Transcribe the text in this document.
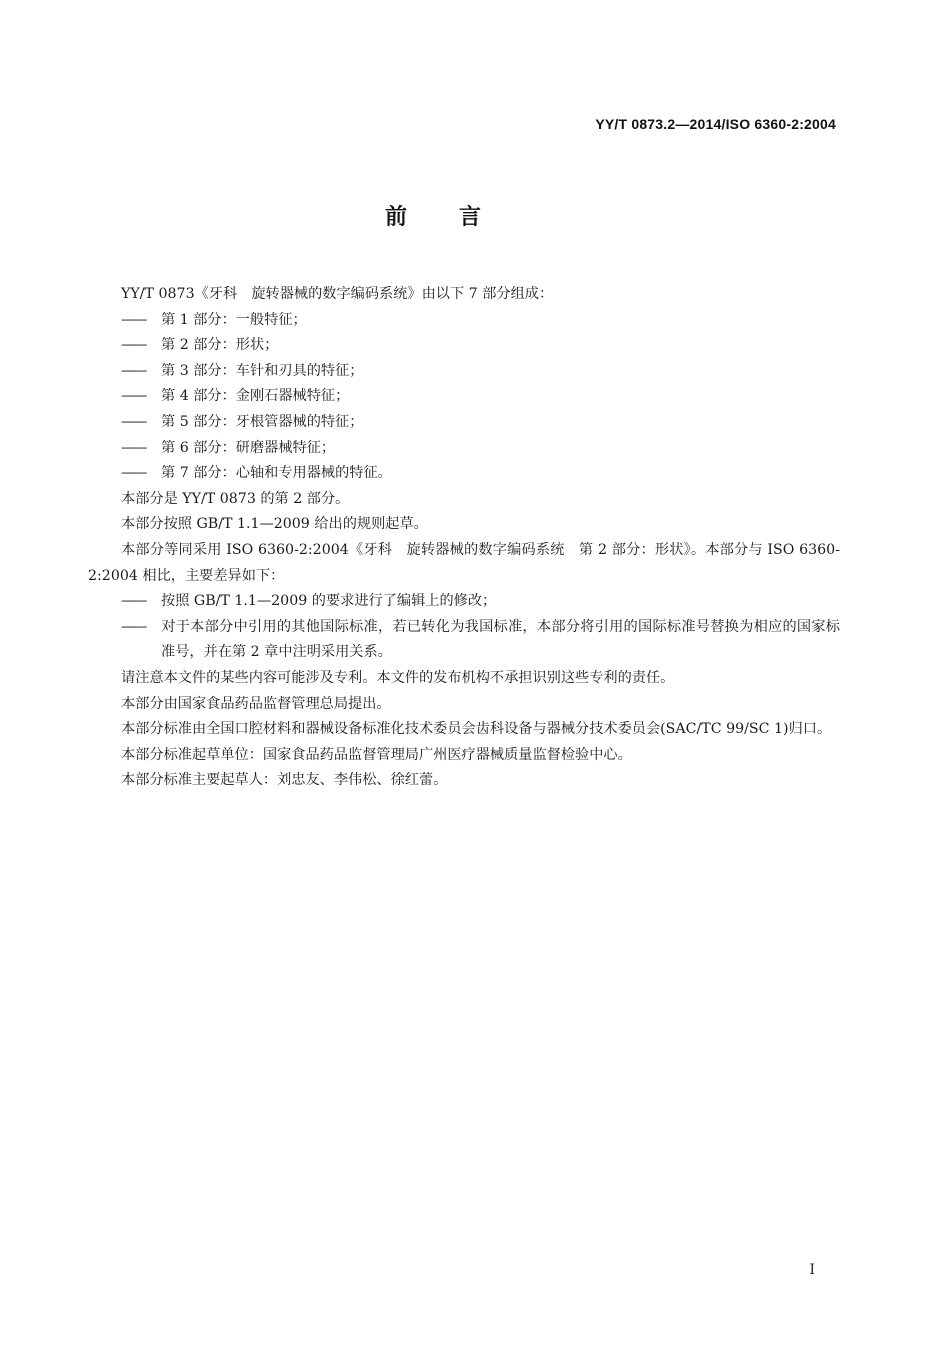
YY/T 0873.2—2014/ISO 6360-2:2004
前言

YY/T 0873《牙科　旋转器械的数字编码系统》由以下 7 部分组成：

—— 第 1 部分：一般特征；

—— 第 2 部分：形状；

—— 第 3 部分：车针和刃具的特征；

—— 第 4 部分：金刚石器械特征；

—— 第 5 部分：牙根管器械的特征；

—— 第 6 部分：研磨器械特征；

—— 第 7 部分：心轴和专用器械的特征。

本部分是 YY/T 0873 的第 2 部分。

本部分按照 GB/T 1.1—2009 给出的规则起草。

本部分等同采用 ISO 6360-2:2004《牙科　旋转器械的数字编码系统　第 2 部分：形状》。本部分与 ISO 6360-2:2004 相比，主要差异如下：

—— 按照 GB/T 1.1—2009 的要求进行了编辑上的修改；

—— 对于本部分中引用的其他国际标准，若已转化为我国标准，本部分将引用的国际标准号替换为相应的国家标准号，并在第 2 章中注明采用关系。

请注意本文件的某些内容可能涉及专利。本文件的发布机构不承担识别这些专利的责任。

本部分由国家食品药品监督管理总局提出。

本部分标准由全国口腔材料和器械设备标准化技术委员会齿科设备与器械分技术委员会(SAC/TC 99/SC 1)归口。

本部分标准起草单位：国家食品药品监督管理局广州医疗器械质量监督检验中心。

本部分标准主要起草人：刘忠友、李伟松、徐红蕾。

I
